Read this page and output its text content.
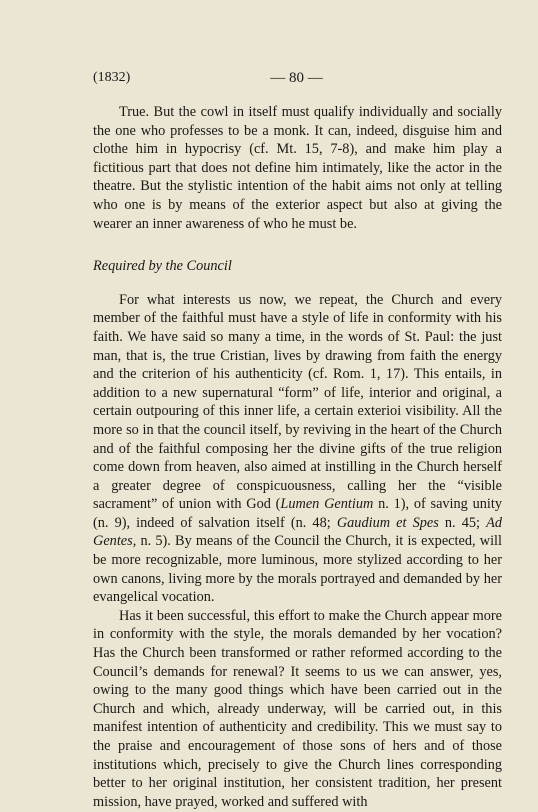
(1832)	— 80 —

True. But the cowl in itself must qualify individually and socially the one who professes to be a monk. It can, indeed, disguise him and clothe him in hypocrisy (cf. Mt. 15, 7-8), and make him play a fictitious part that does not define him intimately, like the actor in the theatre. But the stylistic intention of the habit aims not only at telling who one is by means of the exterior aspect but also at giving the wearer an inner awareness of who he must be.

Required by the Council

For what interests us now, we repeat, the Church and every member of the faithful must have a style of life in conformity with his faith. We have said so many a time, in the words of St. Paul: the just man, that is, the true Cristian, lives by drawing from faith the energy and the criterion of his authenticity (cf. Rom. 1, 17). This entails, in addition to a new supernatural “form” of life, interior and original, a certain outpouring of this inner life, a certain exterioi visibility. All the more so in that the council itself, by reviving in the heart of the Church and of the faithful composing her the divine gifts of the true religion come down from heaven, also aimed at instilling in the Church herself a greater degree of conspicuousness, calling her the “visible sacrament” of union with God (Lumen Gentium n. 1), of saving unity (n. 9), indeed of salvation itself (n. 48; Gaudium et Spes n. 45; Ad Gentes, n. 5). By means of the Council the Church, it is expected, will be more recognizable, more luminous, more stylized according to her own canons, living more by the morals portrayed and demanded by her evangelical vocation.

Has it been successful, this effort to make the Church appear more in conformity with the style, the morals demanded by her vocation? Has the Church been transformed or rather reformed according to the Council’s demands for renewal? It seems to us we can answer, yes, owing to the many good things which have been carried out in the Church and which, already underway, will be carried out, in this manifest intention of authenticity and credibility. This we must say to the praise and encouragement of those sons of hers and of those institutions which, precisely to give the Church lines corresponding better to her original institution, her consistent tradition, her present mission, have prayed, worked and suffered with
